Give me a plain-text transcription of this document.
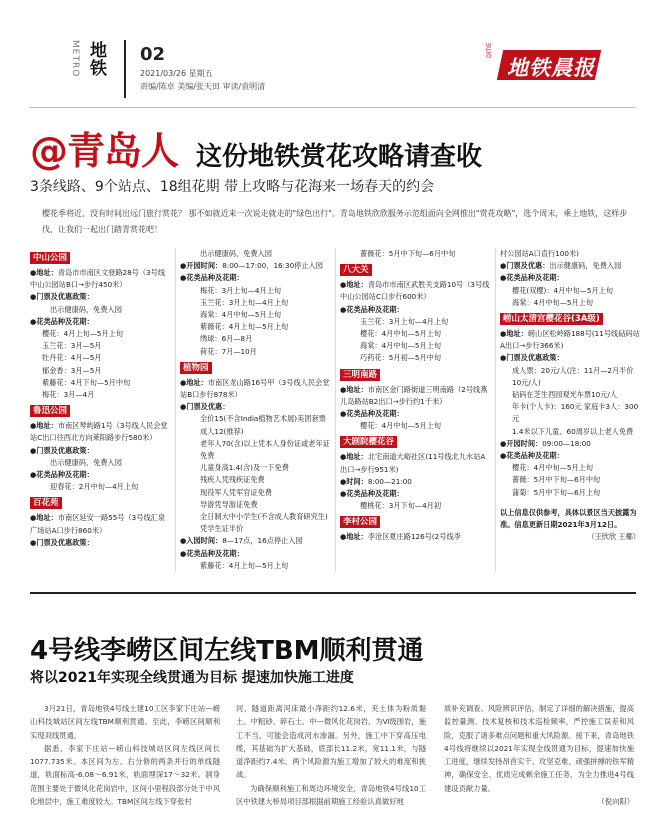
METRO 地铁
02
2021/03/26 星期五
责编/陈卓 美编/张天田 审读/袁明清
DITIE
地铁晨报
@青岛人 这份地铁赏花攻略请查收
3条线路、9个站点、18组花期 带上攻略与花海来一场春天的约会
樱花季将近，没有时间出远门旅行赏花？ 那不如就近来一次说走就走的"绿色出行"。青岛地铁欣欣服务示范组面向全网推出"赏花攻略"，选个周末，乘上地铁，这样步伐，让我们一起出门踏青赏花吧！
中山公园
●地址：青岛市市南区文登路28号（3号线中山公园站B口→步行450米）
●门票及优惠政策：
出示健康码，免费入园
●花类品种及花期：
樱花：4月上旬—5月上旬
玉兰花：3月—5月
牡丹花：4月—5月
郁金香：3月—5月
紫藤花：4月下旬—5月中旬
梅花：3月—4月
鲁迅公园
●地址：市南区琴屿路1号（3号线人民会堂站C出口往西北方向莱阳路步行580米）
●门票及优惠政策：
出示健康码，免费入园
●花类品种及花期：
迎春花：2月中旬—4月上旬
百花苑
●地址：市南区延安一路55号（3号线汇泉广场站A口步行860米）
●门票及优惠政策：
出示健康码，免费入园
●开园时间：8:00—17:00，16:30停止入园
●花类品种及花期：
梅花：3月上旬—4月上旬
玉兰花：3月上旬—4月上旬
海棠：4月中旬—5月上旬
紫薇花：4月上旬—5月上旬
绣球：6月—8月
荷花：7月—10月
植物园
●地址：市南区龙山路16号甲（3号线人民会堂站B口步行878米）
●门票及优惠：
全价15(不含India植物艺术展)美团套票成人12(推荐)
老年人70(含)以上凭本人身份证或老年证免费
儿童身高1.4(含)及一下免费
残疾人凭残疾证免费
现役军人凭军官证免费
导游凭导游证免费
全日制大中小学生(不含成人教育研究生)凭学生证半价
●入园时间：8—17点，16点停止入园
●花类品种及花期：
紫藤花：4月上旬—5月上旬
蔷薇花：5月中下旬—6月中旬
八大关
●地址：青岛市市南区武胜关支路10号（3号线中山公园站C口步行600米）
●花类品种及花期：
玉兰花：3月上旬—4月上旬
樱花：4月中旬—5月上旬
海棠：4月中旬—5月上旬
巧药花：5月初—5月中旬
三明南路
●地址：市南区金门路街道三明南路（2号线燕儿岛路站B2出口→步行约1千米）
●花类品种及花期：
樱花：4月中旬—5月上旬
大剧院樱花谷
●地址：北宅南道大峪社区(11号线北九水站A出口→步行951米)
●时间：8:00—21:00
●花类品种及花期：
樱桃花：3月下旬—4月初
李村公园
●地址：李沧区夏庄路126号(2号线李
村公园站A口直行100米)
●门票及优惠：出示健康码，免费入园
●花类品种及花期：
樱花(双樱)：4月中旬—5月上旬
海棠：4月中旬—5月上旬
崂山太清宫樱花谷(3A级)
●地址：崂山区松岭路188号(11号线砧码站A出口→步行366米)
●门票及优惠政策：
成人票：20元/人(注：11月—2月半价10元/人)
砧码在芝生西园观光车票10元/人
年卡(个人卡)：160元 家庭卡3人：300元
1.4米以下儿童、60周岁以上老人免费
●开园时间：09:00—18:00
●花类品种及花期：
樱花：4月中旬—5月上旬
蔷薇：5月中下旬—6月中旬
蒲菊：5月中下旬—6月上旬
以上信息仅供参考，具体以景区当天披露为准。信息更新日期2021年3月12日。
（王欣欣 王椰）
4号线李崂区间左线TBM顺利贯通
将以2021年实现全线贯通为目标 提速加快施工进度
3月21日，青岛地铁4号线土建10工区李家下庄站—崂山科技城站区间左线TBM顺利贯通。至此，李崂区间顺利实现双线贯通。
据悉，李家下庄站—崂山科技城站区间左线区间长1077.735米。本区间为左、右分修的两条并行的单线隧道，轨面标高-6.08～6.91米，轨面埋深17～32米。洞身范围主要处于微风化花岗岩中，区间小里程段部分处于中风化地层中，施工难度较大。TBM区间左线下穿张村
河，隧道距离河床最小净距约12.6米，夹土体为粉质黏土、中粗砂、碎石土、中—微风化花岗岩，为Ⅵ级围岩，施工不当，可能会造成河水渗漏。另外，施工中下穿高压电缆，其基础为扩大基础，底部长11.2米，宽11.1米，与隧道净距约7.4米，两个风险源为施工增加了较大的难度和挑战。
为确保顺利施工和周边环境安全，青岛地铁4号线10工区中铁建大桥局项目部根据前期施工经验认真做好地
质补充调查、风险辨识评估，制定了详细的解决措施，提高监控量测、技术复核和技术巡检频率，严控施工误差和风险，克服了诸多难点问题和重大风险源。接下来，青岛地铁4号线将继续以2021年实现全线贯通为目标，提速加快施工进度，继续发扬昂首实干、攻坚克难、顽强拼搏的铁军精神，确保安全、优质完成剩余施工任务，为全力推进4号线建设贡献力量。
（倪向阳）
